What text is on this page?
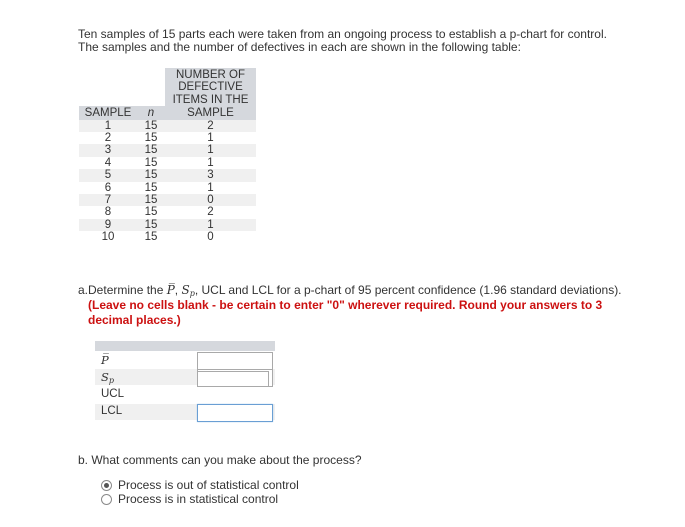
Ten samples of 15 parts each were taken from an ongoing process to establish a p-chart for control.

The samples and the number of defectives in each are shown in the following table:

		NUMBER OF
DEFECTIVE
ITEMS IN THE

SAMPLE	n	SAMPLE
1	15	2
2	15	1
3	15	1
4	15	1
5	15	3
6	15	1
7	15	0
8	15	2
9	15	1
10	15	0
a.Determine the P̅, $S_p$, UCL and LCL for a p-chart of 95 percent confidence (1.96 standard deviations).
(Leave no cells blank - be certain to enter "0" wherever required. Round your answers to 3 decimal places.)
P̅
$S_p$
UCL
LCL
b. What comments can you make about the process?
Process is out of statistical control
Process is in statistical control
